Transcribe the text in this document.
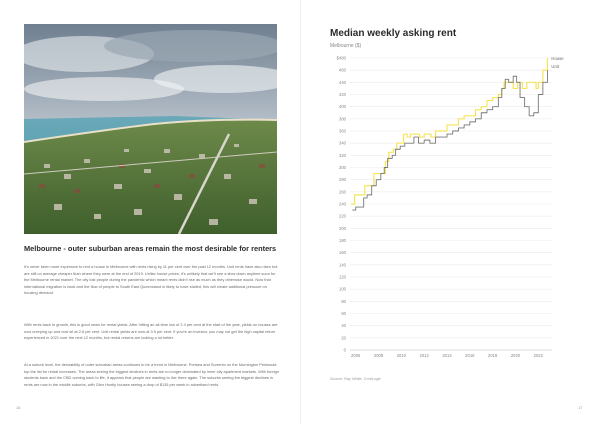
Melbourne - outer suburban areas remain the most desirable for renters

It's never been more expensive to rent a house in Melbourne with rents rising by 11 per cent over the past 12 months. Unit rents have also risen but are still on average cheaper than where they were at the end of 2019. Unlike house prices, it's unlikely that we'll see a slow down anytime soon for the Melbourne rental market. The city lost people during the pandemic which meant rents didn't rise as much as they otherwise would. Now that international migration is back and the flow of people to South East Queensland is likely to have stalled, this will create additional pressure on housing demand.

With rents back to growth, this is good news for rental yields. After hitting an all-time low of 2.4 per cent at the start of the year, yields on houses are now creeping up and now sit at 2.6 per cent. Unit rental yields are now at 3.9 per cent. If you're an investor, you may not get the high capital return experienced in 2021 over the next 12 months, but rental returns are looking a lot better.

At a suburb level, the desirability of outer suburban areas continues to be a trend in Melbourne. Portsea and Sorrento on the Mornington Peninsula top the list for rental increases. The areas seeing the biggest declines in rents are no longer dominated by inner city apartment markets. With foreign students back and the CBD coming back to life, it appears that people are wanting to live there again. The suburbs seeing the biggest declines in rents are now in the middle suburbs, with Glen Huntly houses seeing a drop of $135 per week in advertised rents.

16	17
Median weekly asking rent
Melbourne ($)
0
20
40
60
80
100
120
140
160
180
200
220
240
260
280
300
320
340
360
380
400
420
440
460
$480
2006	2008	2010	2012	2014	2016	2018	2020	2022
House
Unit
Source: Ray White, CoreLogic
